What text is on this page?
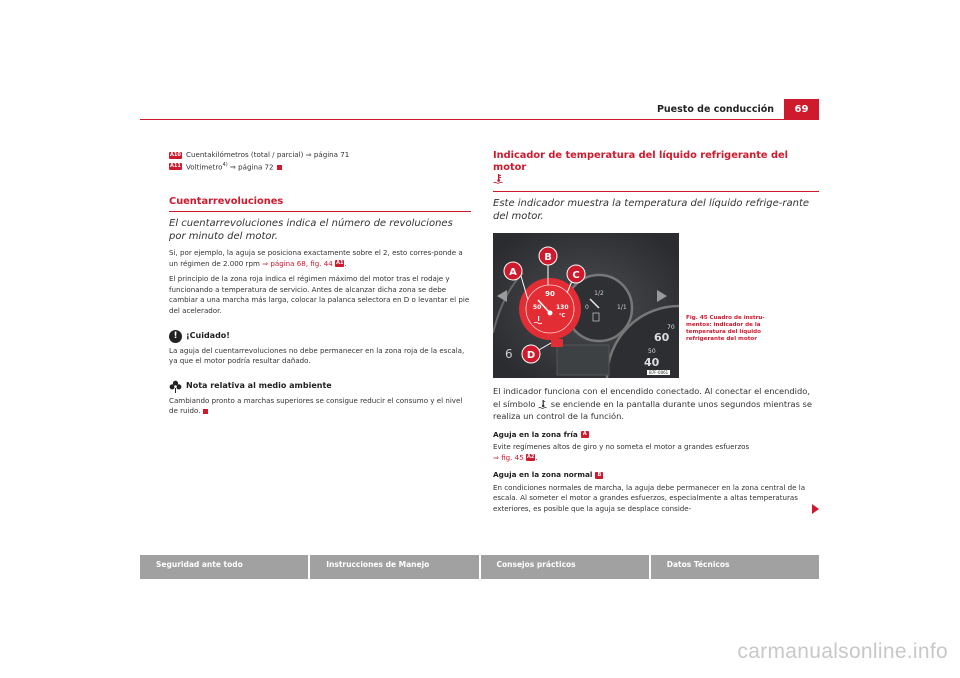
Puesto de conducción	69
A10 Cuentakilómetros (total / parcial) ⇒ página 71
A11 Voltímetro$^{4)}$ ⇒ página 72
Cuentarrevoluciones
El cuentarrevoluciones indica el número de revoluciones por minuto del motor.

Si, por ejemplo, la aguja se posiciona exactamente sobre el 2, esto corres-ponde a un régimen de 2.000 rpm ⇒ página 68, fig. 44 A1.

El principio de la zona roja indica el régimen máximo del motor tras el rodaje y funcionando a temperatura de servicio. Antes de alcanzar dicha zona se debe cambiar a una marcha más larga, colocar la palanca selectora en D o levantar el pie del acelerador.

!	¡Cuidado!

La aguja del cuentarrevoluciones no debe permanecer en la zona roja de la escala, ya que el motor podría resultar dañado.

Nota relativa al medio ambiente

Cambiando pronto a marchas superiores se consigue reducir el consumo y el nivel de ruido.

Indicador de temperatura del líquido refrigerante del motor

Este indicador muestra la temperatura del líquido refrige-rante del motor.
6
1/2
1/1
0
70
60
50
40
90
50 130
°C
A
B
C
D
B7F-0061
Fig. 45 Cuadro de instru-mentos: indicador de la temperatura del líquido refrigerante del motor
El indicador funciona con el encendido conectado. Al conectar el encendido, el símbolo  se enciende en la pantalla durante unos segundos mientras se realiza un control de la función.
Aguja en la zona fría	A

Evite regímenes altos de giro y no someta el motor a grandes esfuerzos
⇒ fig. 45 A2.

Aguja en la zona normal	B

En condiciones normales de marcha, la aguja debe permanecer en la zona central de la escala. Al someter el motor a grandes esfuerzos, especialmente a altas temperaturas exteriores, es posible que la aguja se desplace conside-

Seguridad ante todo	Instrucciones de Manejo	Consejos prácticos	Datos Técnicos
carmanualsonline.info
